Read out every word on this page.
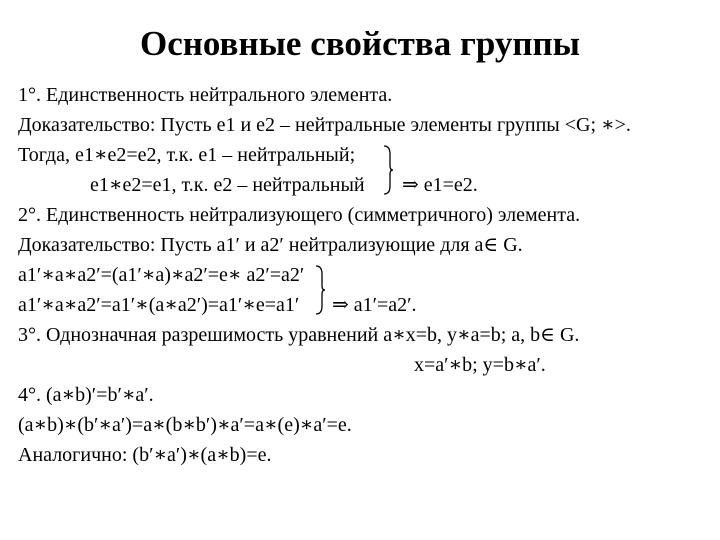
Основные свойства группы
1°. Единственность нейтрального элемента.
Доказательство: Пусть e1 и e2 – нейтральные элементы группы <G; ∗>.
Тогда, e1∗e2=e2, т.к. e1 – нейтральный;
e1∗e2=e1, т.к. e2 – нейтральный ⇒ e1=e2.
2°. Единственность нейтрализующего (симметричного) элемента.
Доказательство: Пусть a1′ и a2′ нейтрализующие для a∈ G.
a1′∗a∗a2′=(a1′∗a)∗a2′=e∗ a2′=a2′
a1′∗a∗a2′=a1′∗(a∗a2′)=a1′∗e=a1′ ⇒ a1′=a2′.
3°. Однозначная разрешимость уравнений a∗x=b, y∗a=b; a, b∈ G.
x=a′∗b; y=b∗a′.
4°. (a∗b)′=b′∗a′.
(a∗b)∗(b′∗a′)=a∗(b∗b′)∗a′=a∗(e)∗a′=e.
Аналогично: (b′∗a′)∗(a∗b)=e.
